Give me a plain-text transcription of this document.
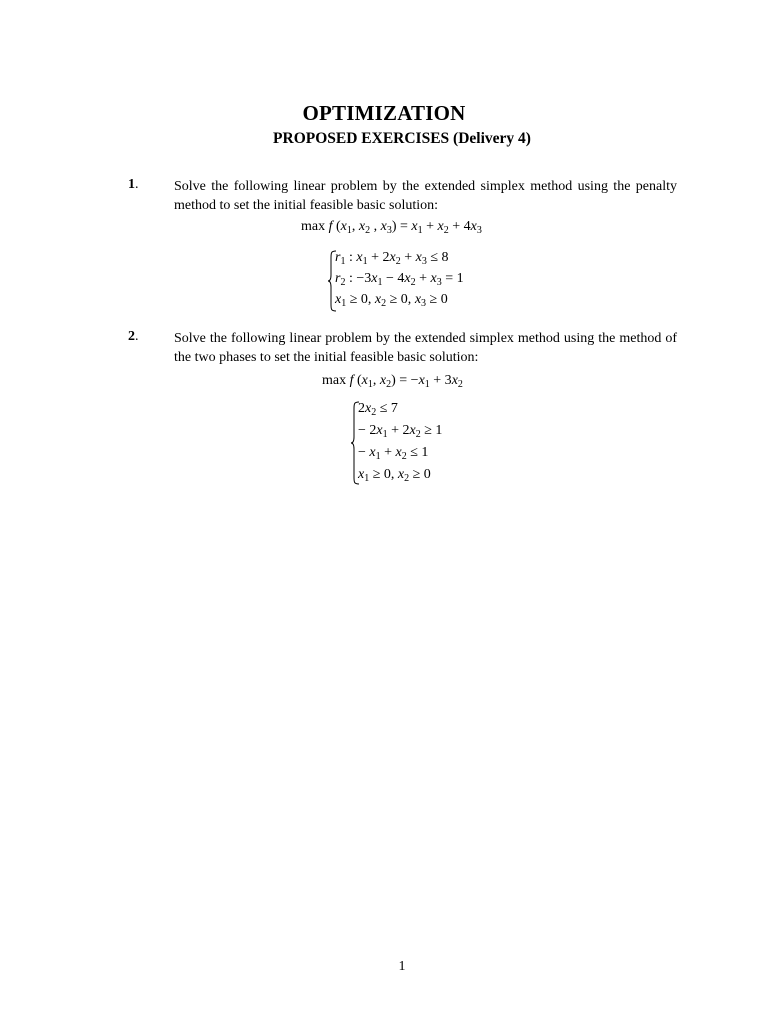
OPTIMIZATION
PROPOSED EXERCISES (Delivery 4)
1.	Solve the following linear problem by the extended simplex method using the penalty method to set the initial feasible basic solution:
max f ($x_1$, $x_2$ , $x_3) = x_1 + x_2 + 4x_3$
$r_1$ : $x_1 + 2x_2 + x_3 \le 8$
$r_2$ : $-3x_1 - 4x_2 + x_3 = 1$
$x_1 \ge 0$, $x_2 \ge 0$, $x_3 \ge 0$
2.	Solve the following linear problem by the extended simplex method using the method of the two phases to set the initial feasible basic solution:
max f ($x_1$, $x_2) = -x_1 + 3x_2$
$2x_2 \le 7$
− $2x_1 + 2x_2 \ge 1$
− $x_1 + x_2 \le 1$
$x_1 \ge 0$, $x_2 \ge 0$
1
